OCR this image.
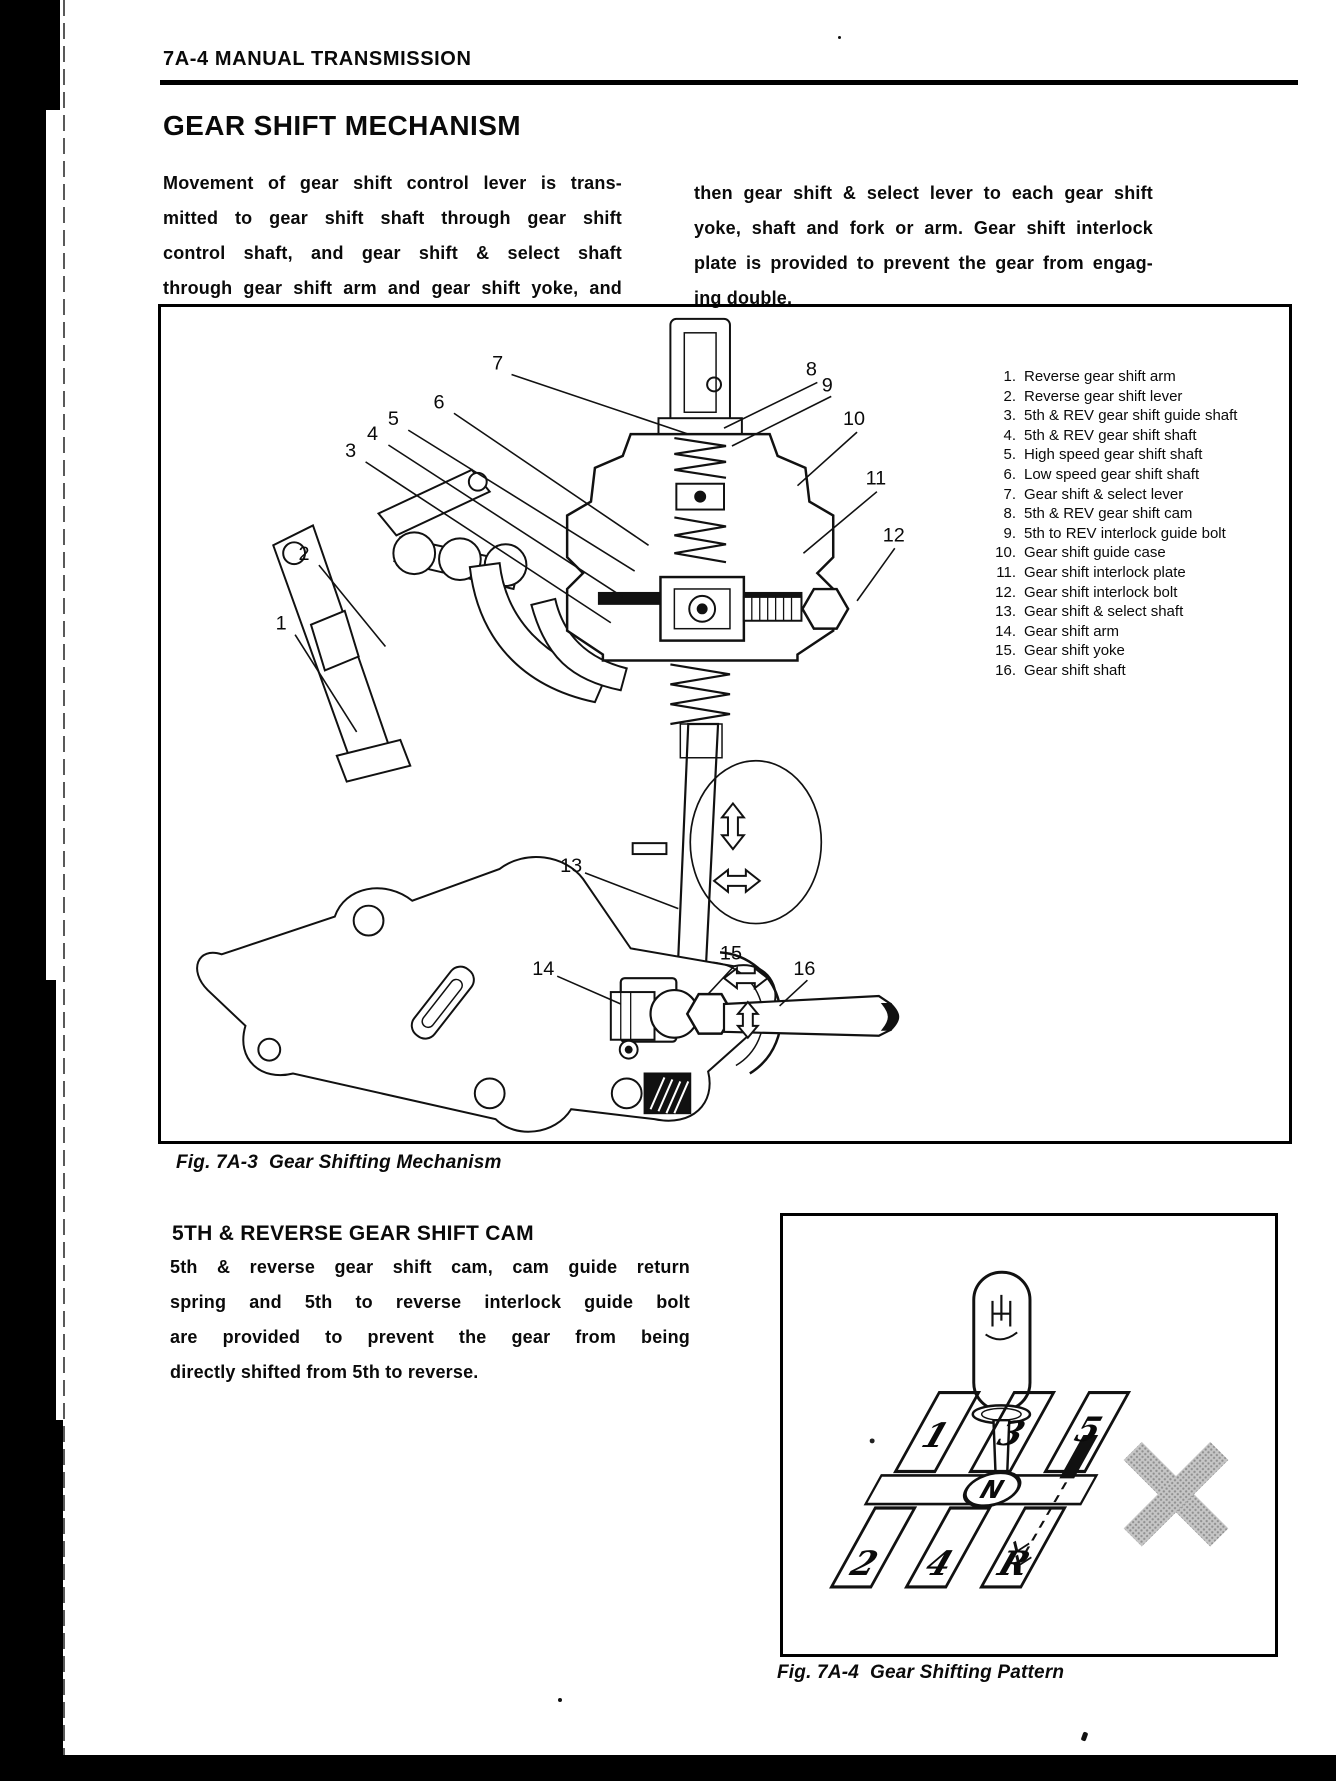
7A-4 MANUAL TRANSMISSION
GEAR SHIFT MECHANISM
Movement of gear shift control lever is trans-
mitted to gear shift shaft through gear shift
control shaft, and gear shift & select shaft
through gear shift arm and gear shift yoke, and
then gear shift & select lever to each gear shift
yoke, shaft and fork or arm. Gear shift interlock
plate is provided to prevent the gear from engag-
ing double.
1
2
3
4
5
6
7	8
9
10
11
12
13
14
15
16
1. Reverse gear shift arm
2. Reverse gear shift lever
3. 5th & REV gear shift guide shaft
4. 5th & REV gear shift shaft
5. High speed gear shift shaft
6. Low speed gear shift shaft
7. Gear shift & select lever
8. 5th & REV gear shift cam
9. 5th to REV interlock guide bolt
10. Gear shift guide case
11. Gear shift interlock plate
12. Gear shift interlock bolt
13. Gear shift & select shaft
14. Gear shift arm
15. Gear shift yoke
16. Gear shift shaft
Fig. 7A-3  Gear Shifting Mechanism
5TH & REVERSE GEAR SHIFT CAM
5th & reverse gear shift cam, cam guide return
spring and 5th to reverse interlock guide bolt
are provided to prevent the gear from being
directly shifted from 5th to reverse.
1 3 5
2 4 R
N
Fig. 7A-4  Gear Shifting Pattern
